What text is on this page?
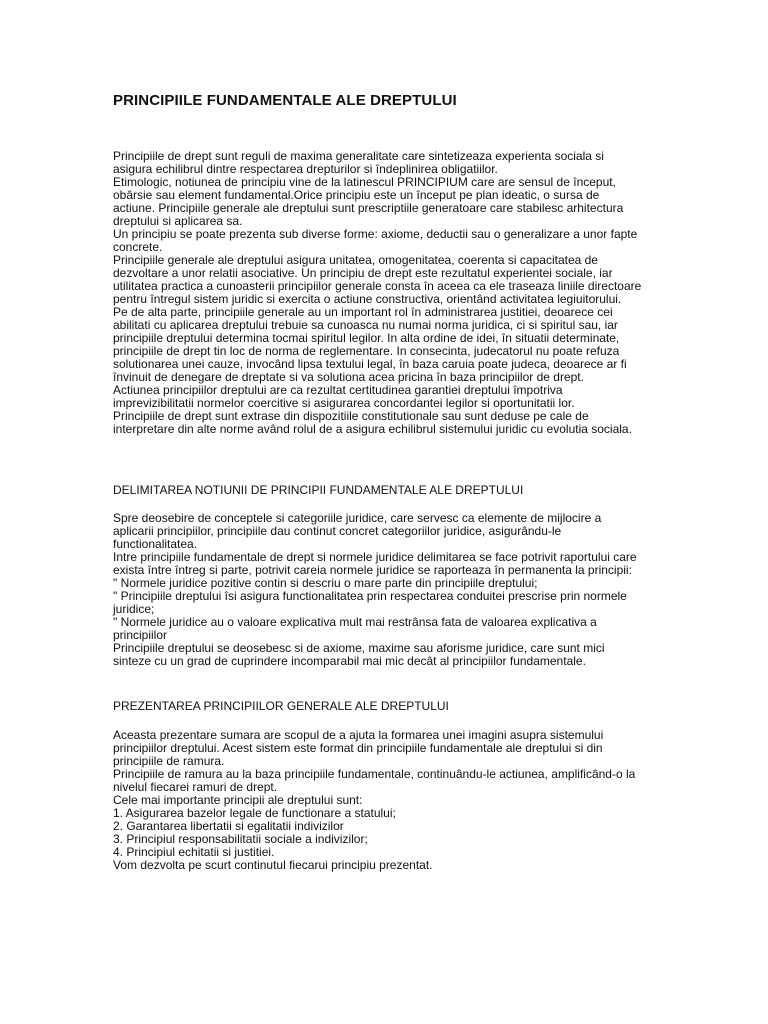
PRINCIPIILE FUNDAMENTALE ALE DREPTULUI
Principiile de drept sunt reguli de maxima generalitate care sintetizeaza experienta sociala si
asigura echilibrul dintre respectarea drepturilor si îndeplinirea obligatiilor.
Etimologic, notiunea de principiu vine de la latinescul PRINCIPIUM care are sensul de început,
obârsie sau element fundamental.Orice principiu este un început pe plan ideatic, o sursa de
actiune. Principiile generale ale dreptului sunt prescriptiile generatoare care stabilesc arhitectura
dreptului si aplicarea sa.
Un principiu se poate prezenta sub diverse forme: axiome, deductii sau o generalizare a unor fapte
concrete.
Principiile generale ale dreptului asigura unitatea, omogenitatea, coerenta si capacitatea de
dezvoltare a unor relatii asociative. Un principiu de drept este rezultatul experientei sociale, iar
utilitatea practica a cunoasterii principiilor generale consta în aceea ca ele traseaza liniile directoare
pentru întregul sistem juridic si exercita o actiune constructiva, orientând activitatea legiuitorului.
Pe de alta parte, principiile generale au un important rol în administrarea justitiei, deoarece cei
abilitati cu aplicarea dreptului trebuie sa cunoasca nu numai norma juridica, ci si spiritul sau, iar
principiile dreptului determina tocmai spiritul legilor. In alta ordine de idei, în situatii determinate,
principiile de drept tin loc de norma de reglementare. In consecinta, judecatorul nu poate refuza
solutionarea unei cauze, invocând lipsa textului legal, în baza caruia poate judeca, deoarece ar fi
învinuit de denegare de dreptate si va solutiona acea pricina în baza principiilor de drept.
Actiunea principiilor dreptului are ca rezultat certitudinea garantiei dreptului împotriva
imprevizibilitatii normelor coercitive si asigurarea concordantei legilor si oportunitatii lor.
Principiile de drept sunt extrase din dispozitiile constitutionale sau sunt deduse pe cale de
interpretare din alte norme având rolul de a asigura echilibrul sistemului juridic cu evolutia sociala.
DELIMITAREA NOTIUNII DE PRINCIPII FUNDAMENTALE ALE DREPTULUI
Spre deosebire de conceptele si categoriile juridice, care servesc ca elemente de mijlocire a
aplicarii principiilor, principiile dau continut concret categoriilor juridice, asigurându-le
functionalitatea.
Intre principiile fundamentale de drept si normele juridice delimitarea se face potrivit raportului care
exista între întreg si parte, potrivit careia normele juridice se raporteaza în permanenta la principii:
" Normele juridice pozitive contin si descriu o mare parte din principiile dreptului;
" Principiile dreptului îsi asigura functionalitatea prin respectarea conduitei prescrise prin normele
juridice;
" Normele juridice au o valoare explicativa mult mai restrânsa fata de valoarea explicativa a
principiilor
Principiile dreptului se deosebesc si de axiome, maxime sau aforisme juridice, care sunt mici
sinteze cu un grad de cuprindere incomparabil mai mic decât al principiilor fundamentale.
PREZENTAREA PRINCIPIILOR GENERALE ALE DREPTULUI
Aceasta prezentare sumara are scopul de a ajuta la formarea unei imagini asupra sistemului
principiilor dreptului. Acest sistem este format din principiile fundamentale ale dreptului si din
principiile de ramura.
Principiile de ramura au la baza principiile fundamentale, continuându-le actiunea, amplificând-o la
nivelul fiecarei ramuri de drept.
Cele mai importante principii ale dreptului sunt:
1. Asigurarea bazelor legale de functionare a statului;
2. Garantarea libertatii si egalitatii indivizilor
3. Principiul responsabilitatii sociale a indivizilor;
4. Principiul echitatii si justitiei.
Vom dezvolta pe scurt continutul fiecarui principiu prezentat.
